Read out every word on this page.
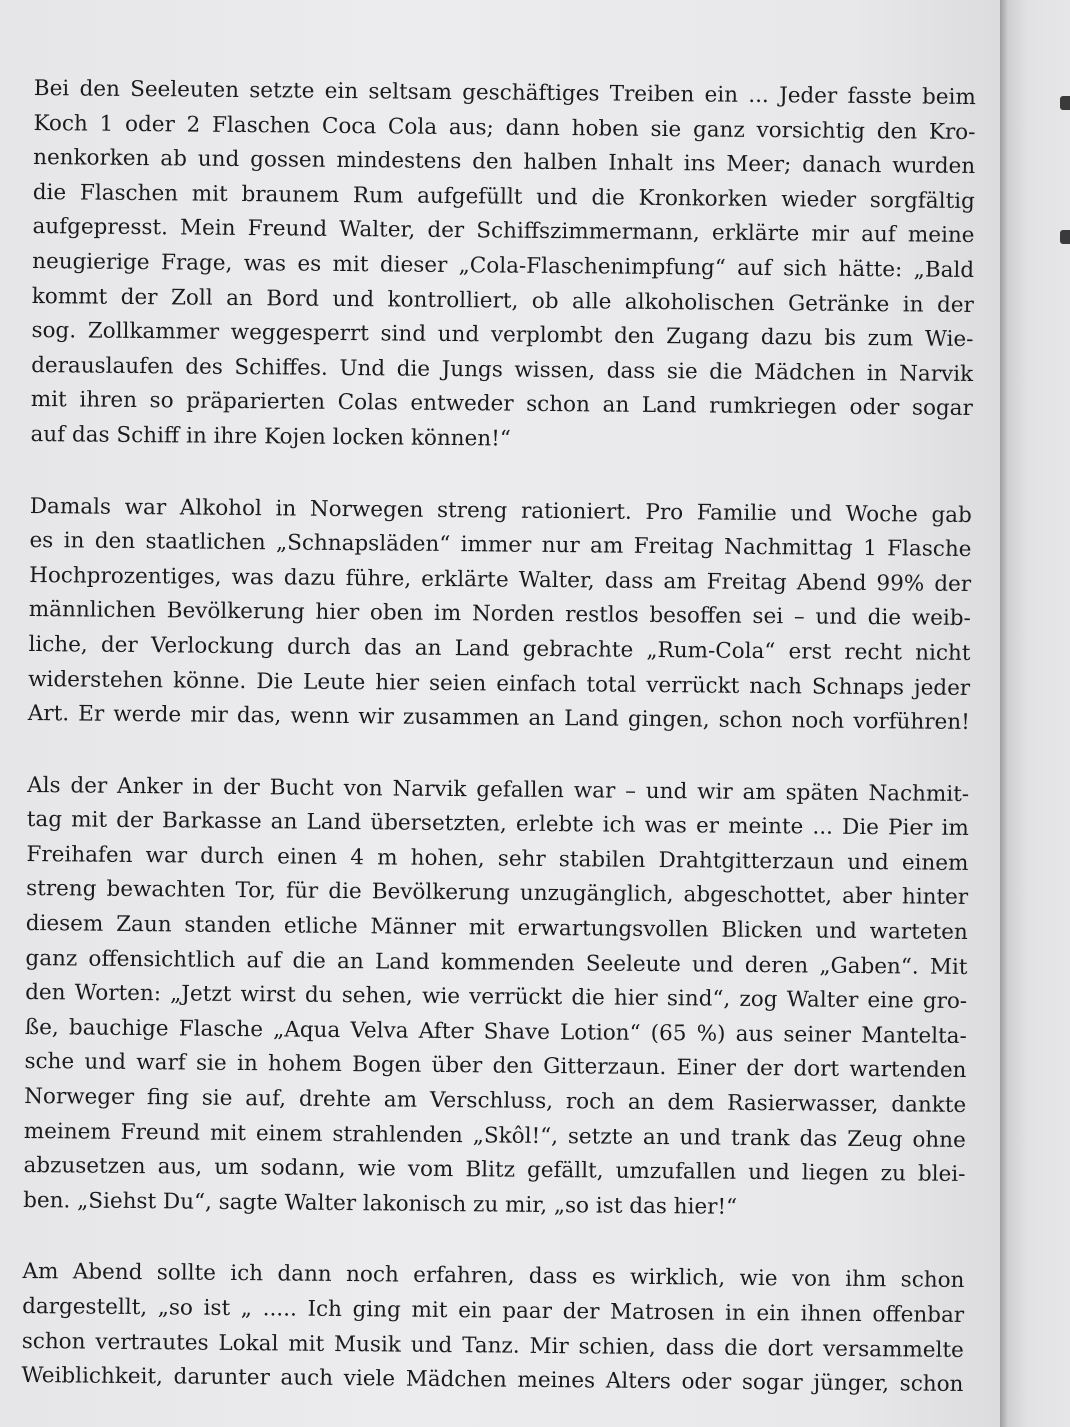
Bei den Seeleuten setzte ein seltsam geschäftiges Treiben ein ... Jeder fasste beim
Koch 1 oder 2 Flaschen Coca Cola aus; dann hoben sie ganz vorsichtig den Kro-
nenkorken ab und gossen mindestens den halben Inhalt ins Meer; danach wurden
die Flaschen mit braunem Rum aufgefüllt und die Kronkorken wieder sorgfältig
aufgepresst. Mein Freund Walter, der Schiffszimmermann, erklärte mir auf meine
neugierige Frage, was es mit dieser „Cola-Flaschenimpfung“ auf sich hätte: „Bald
kommt der Zoll an Bord und kontrolliert, ob alle alkoholischen Getränke in der
sog. Zollkammer weggesperrt sind und verplombt den Zugang dazu bis zum Wie-
derauslaufen des Schiffes. Und die Jungs wissen, dass sie die Mädchen in Narvik
mit ihren so präparierten Colas entweder schon an Land rumkriegen oder sogar
auf das Schiff in ihre Kojen locken können!“
Damals war Alkohol in Norwegen streng rationiert. Pro Familie und Woche gab
es in den staatlichen „Schnapsläden“ immer nur am Freitag Nachmittag 1 Flasche
Hochprozentiges, was dazu führe, erklärte Walter, dass am Freitag Abend 99% der
männlichen Bevölkerung hier oben im Norden restlos besoffen sei – und die weib-
liche, der Verlockung durch das an Land gebrachte „Rum-Cola“ erst recht nicht
widerstehen könne. Die Leute hier seien einfach total verrückt nach Schnaps jeder
Art. Er werde mir das, wenn wir zusammen an Land gingen, schon noch vorführen!
Als der Anker in der Bucht von Narvik gefallen war – und wir am späten Nachmit-
tag mit der Barkasse an Land übersetzten, erlebte ich was er meinte ... Die Pier im
Freihafen war durch einen 4 m hohen, sehr stabilen Drahtgitterzaun und einem
streng bewachten Tor, für die Bevölkerung unzugänglich, abgeschottet, aber hinter
diesem Zaun standen etliche Männer mit erwartungsvollen Blicken und warteten
ganz offensichtlich auf die an Land kommenden Seeleute und deren „Gaben“. Mit
den Worten: „Jetzt wirst du sehen, wie verrückt die hier sind“, zog Walter eine gro-
ße, bauchige Flasche „Aqua Velva After Shave Lotion“ (65 %) aus seiner Mantelta-
sche und warf sie in hohem Bogen über den Gitterzaun. Einer der dort wartenden
Norweger fing sie auf, drehte am Verschluss, roch an dem Rasierwasser, dankte
meinem Freund mit einem strahlenden „Skôl!“, setzte an und trank das Zeug ohne
abzusetzen aus, um sodann, wie vom Blitz gefällt, umzufallen und liegen zu blei-
ben. „Siehst Du“, sagte Walter lakonisch zu mir, „so ist das hier!“
Am Abend sollte ich dann noch erfahren, dass es wirklich, wie von ihm schon
dargestellt, „so ist „ ..... Ich ging mit ein paar der Matrosen in ein ihnen offenbar
schon vertrautes Lokal mit Musik und Tanz. Mir schien, dass die dort versammelte
Weiblichkeit, darunter auch viele Mädchen meines Alters oder sogar jünger, schon
